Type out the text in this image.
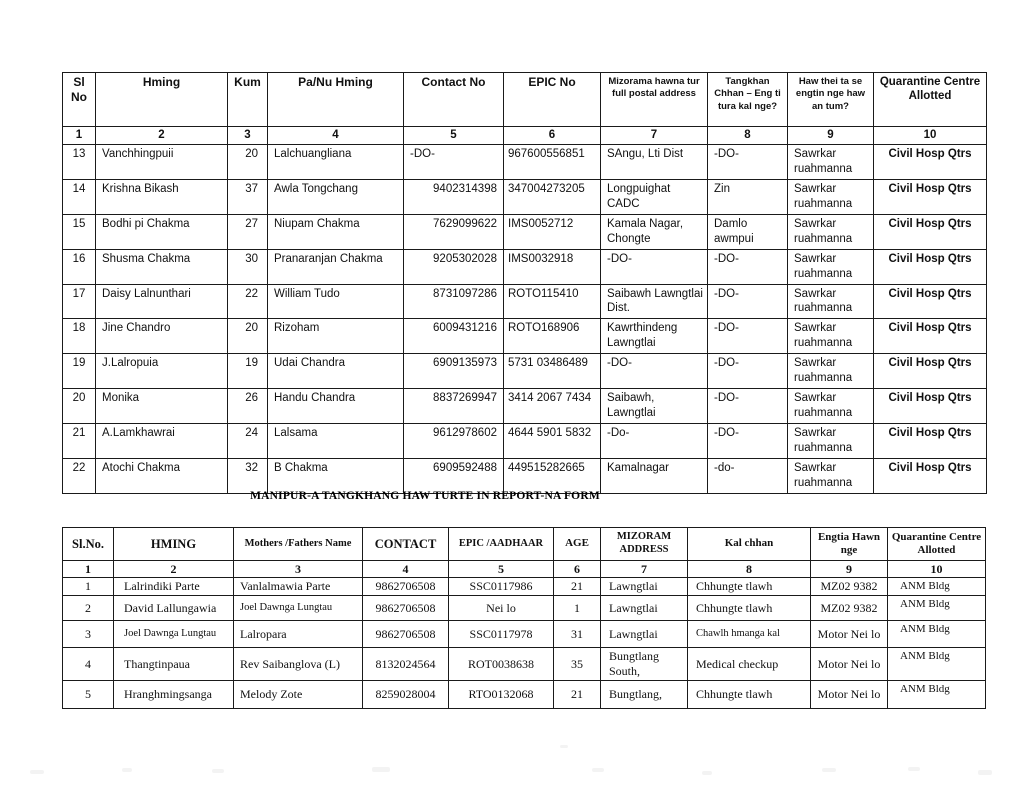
Sl No	Hming	Kum	Pa/Nu Hming	Contact No	EPIC No	Mizorama hawna tur full postal address	Tangkhan Chhan – Eng ti tura kal nge?	Haw thei ta se engtin nge haw an tum?	Quarantine Centre Allotted
1	2	3	4	5	6	7	8	9	10
13	Vanchhingpuii	20	Lalchuangliana	-DO-	967600556851	SAngu, Lti Dist	-DO-	Sawrkar ruahmanna	Civil Hosp Qtrs
14	Krishna Bikash	37	Awla Tongchang	9402314398	347004273205	Longpuighat CADC	Zin	Sawrkar ruahmanna	Civil Hosp Qtrs
15	Bodhi pi Chakma	27	Niupam Chakma	7629099622	IMS0052712	Kamala Nagar, Chongte	Damlo awmpui	Sawrkar ruahmanna	Civil Hosp Qtrs
16	Shusma Chakma	30	Pranaranjan Chakma	9205302028	IMS0032918	-DO-	-DO-	Sawrkar ruahmanna	Civil Hosp Qtrs
17	Daisy Lalnunthari	22	William Tudo	8731097286	ROTO115410	Saibawh Lawngtlai Dist.	-DO-	Sawrkar ruahmanna	Civil Hosp Qtrs
18	Jine Chandro	20	Rizoham	6009431216	ROTO168906	Kawrthindeng Lawngtlai	-DO-	Sawrkar ruahmanna	Civil Hosp Qtrs
19	J.Lalropuia	19	Udai Chandra	6909135973	5731 03486489	-DO-	-DO-	Sawrkar ruahmanna	Civil Hosp Qtrs
20	Monika	26	Handu Chandra	8837269947	3414 2067 7434	Saibawh, Lawngtlai	-DO-	Sawrkar ruahmanna	Civil Hosp Qtrs
21	A.Lamkhawrai	24	Lalsama	9612978602	4644 5901 5832	-Do-	-DO-	Sawrkar ruahmanna	Civil Hosp Qtrs
22	Atochi Chakma	32	B Chakma	6909592488	449515282665	Kamalnagar	-do-	Sawrkar ruahmanna	Civil Hosp Qtrs
MANIPUR-A TANGKHANG HAW TURTE IN REPORT-NA FORM
Sl.No.	HMING	Mothers /Fathers Name	CONTACT	EPIC /AADHAAR	AGE	MIZORAM ADDRESS	Kal chhan	Engtia Hawn nge	Quarantine Centre Allotted
1	2	3	4	5	6	7	8	9	10
1	Lalrindiki Parte	Vanlalmawia Parte	9862706508	SSC0117986	21	Lawngtlai	Chhungte tlawh	MZ02 9382	ANM Bldg
2	David Lallungawia	Joel Dawnga Lungtau	9862706508	Nei lo	1	Lawngtlai	Chhungte tlawh	MZ02 9382	ANM Bldg
3	Joel Dawnga Lungtau	Lalropara	9862706508	SSC0117978	31	Lawngtlai	Chawlh hmanga kal	Motor Nei lo	ANM Bldg
4	Thangtinpaua	Rev Saibanglova (L)	8132024564	ROT0038638	35	Bungtlang South,	Medical checkup	Motor Nei lo	ANM Bldg
5	Hranghmingsanga	Melody Zote	8259028004	RTO0132068	21	Bungtlang,	Chhungte tlawh	Motor Nei lo	ANM Bldg
